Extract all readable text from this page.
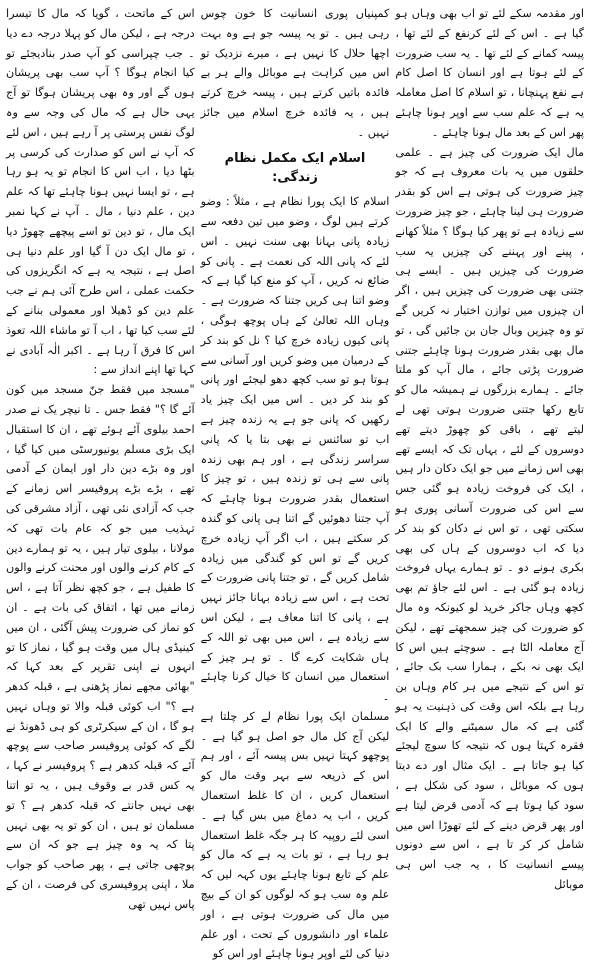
اور مقدمہ سکے لئے تو اب بھی وہاں ہو گیا ہے ۔ اس کے لئے کرنفع کے لئے تھا ، پیسہ کمانے کے لئے تھا ۔ یہ سب ضرورت کے لئے ہوتا ہے اور انسان کا اصل کام ہے نفع پہنچانا ، تو اسلام کا اصل معاملہ یہ ہے کہ علم سب سے اوپر ہونا چاہئے پھر اس کے بعد مال ہونا چاہئے ۔

مال ایک ضرورت کی چیز ہے ۔ علمی حلقوں میں یہ بات معروف ہے کہ جو چیز ضرورت کی ہوتی ہے اس کو بقدر ضرورت ہی لینا چاہئے ، جو چیز ضرورت سے زیادہ ہے تو پھر کیا ہوگا ؟ مثلاً کھانے ، پینے اور پہننے کی چیزیں یہ سب ضرورت کی چیزیں ہیں ۔ ایسے ہی جتنی بھی ضرورت کی چیزیں ہیں ، اگر ان چیزوں میں توازن اختیار نہ کریں گے تو وہ چیزیں وبال جان بن جائیں گی ، تو مال بھی بقدر ضرورت ہونا چاہئے جتنی ضرورت پڑتی جائے ، مال آپ کو ملتا جائے ۔ ہمارے بزرگوں نے ہمیشہ مال کو تابع رکھا جتنی ضرورت ہوتی تھی لے لیتے تھے ، باقی کو چھوڑ دیتے تھے دوسروں کے لئے ، یہاں تک کہ ایسے تھے بھی اس زمانے میں جو ایک دکان دار ہیں ، ایک کی فروخت زیادہ ہو گئی جس سے اس کی ضرورت آسانی پوری ہو سکتی تھی ، تو اس نے دکان کو بند کر دیا کہ اب دوسروں کے ہاں کی بھی بکری ہونے دو ۔ تو ہمارے یہاں فروخت زیادہ ہو گئی ہے ۔ اس لئے جاؤ تم بھی کچھ وہاں جاکر خرید لو کیونکہ وہ مال کو ضرورت کی چیز سمجھتے تھے ، لیکن آج معاملہ الٹا ہے ۔ سوچتے ہیں اس کا ایک بھی نہ بکے ، ہمارا سب بک جائے ، تو اس کے نتیجے میں ہر کام وہاں بن رہا ہے بلکہ اس وقت کی ذہنیت یہ ہو گئی ہے کہ مال سمیٹنے والے کا ایک فقرہ کہتا ہوں کہ نتیجہ کا سوچ لیجئے کیا ہو جاتا ہے ۔ ایک مثال اور دے دیتا ہوں کہ موبائل ، سود کی شکل ہے ، سود کیا ہوتا ہے کہ آدمی قرض لیتا ہے اور پھر قرض دینے کے لئے تھوڑا اس میں شامل کر کر تا ہے ، اس سے دونوں پیسے انسانیت کا ، یہ جب اس ہی موبائل

کمپنیاں پوری انسانیت کا خون چوس رہی ہیں ۔ تو یہ پیسہ جو ہے وہ بہت اچھا حلال کا نہیں ہے ، میرے نزدیک تو اس میں کراہت ہے موبائل والے ہر بے فائدہ باتیں کرتے ہیں ، پیسہ خرچ کرتے ہیں ، یہ فائدہ خرچ اسلام میں جائز نہیں ۔

اسلام ایک مکمل نظام زندگی:

اسلام کا ایک پورا نظام ہے ، مثلاً : وضو کرتے ہیں لوگ ، وضو میں تین دفعہ سے زیادہ پانی بہانا بھی سنت نہیں ۔ اس لئے کہ پانی اللہ کی نعمت ہے ۔ پانی کو ضائع نہ کریں ، آپ کو منع کیا گیا ہے کہ وضو اتنا ہی کریں جتنا کہ ضرورت ہے ۔ وہاں اللہ تعالیٰ کے ہاں پوچھ ہوگی ، پانی کیوں زیادہ خرچ کیا ؟ نل کو بند کر کے درمیان میں وضو کریں اور آسانی سے ہوتا ہو تو سب کچھ دھو لیجئے اور پانی کو بند کر دیں ۔ اس میں ایک چیز یاد رکھیں کہ پانی جو ہے یہ زندہ چیز ہے اب تو سائنس نے بھی بتا یا کہ پانی سراسر زندگی ہے ، اور ہم بھی زندہ پانی سے ہی تو زندہ ہیں ، تو چیز کا استعمال بقدر ضرورت ہونا چاہئے کہ آپ جتنا دھوئیں گے اتنا ہی پانی کو گندہ کر سکتے ہیں ، اب اگر آپ زیادہ خرچ کریں گے تو اس کو گندگی میں زیادہ شامل کریں گے ، تو جتنا پانی ضرورت کے تحت ہے ، اس سے زیادہ بہانا جائز نہیں ہے ، پانی کا اتنا معاف ہے ، لیکن اس سے زیادہ ہے ، اس میں بھی تو اللہ کے ہاں شکایت کرے گا ۔ تو ہر چیز کے استعمال میں انسان کا خیال کرنا چاہئے ۔

مسلمان ایک پورا نظام لے کر چلتا ہے لیکن آج کل مال جو اصل ہو گیا ہے ۔ پوچھو کہتا نہیں بس پیسہ آئے ، اور ہم اس کے ذریعہ سے بہر وقت مال کو استعمال کریں ، ان کا غلط استعمال کریں ، اب یہ دماغ میں بس گیا ہے ۔ اسی لئے روپیہ کا ہر جگہ غلط استعمال ہو رہا ہے ، تو بات یہ ہے کہ مال کو علم کے تابع ہونا چاہئے یوں کہہ لیں کہ علم وہ سب ہو کہ لوگوں کو ان کے بیچ میں مال کی ضرورت ہوتی ہے ، اور علماء اور دانشوروں کے تحت ، اور علم دنیا کی لئے اوپر ہونا چاہئے اور اس کو

اس کے ماتحت ، گویا کہ مال کا تیسرا درجہ ہے ، لیکن مال کو پہلا درجہ دے دیا ۔ جب چپراسی کو آپ صدر بنادیجئے تو کیا انجام ہوگا ؟ آپ سب بھی پریشان ہوں گے اور وہ بھی پریشان ہوگا تو آج یہی حال ہے کہ مال کی وجہ سے وہ لوگ نفس پرستی پر آ رہے ہیں ، اس لئے کہ آپ نے اس کو صدارت کی کرسی پر بٹھا دیا ، اب اس کا انجام تو یہ ہو رہا ہے ، تو ایسا نہیں ہونا چاہئے تھا کہ علم دین ، علم دنیا ، مال ۔ آپ نے کہا نمبر ایک مال ، تو دین تو اسے پیچھے چھوڑ دیا ، تو مال ایک دن آ گیا اور علم دنیا ہی اصل ہے ، نتیجہ یہ ہے کہ انگریزوں کی حکمت عملی ، اس طرح آئی ہم نے جب علم دین کو ڈھیلا اور معمولی بنانے کے لئے سب کیا تھا ، اب آ تو ماشاء اللہ تعوذ اس کا فرق آ رہا ہے ۔ اکبر الٰہ آبادی نے کہا تھا اپنے انداز سے :

"مسجد میں فقط جنّ مسجد میں کون آئے گا ؟" فقط جس ۔ تا نیچر یک نے صدر احمد بیلوی آئے ہوئے تھے ، ان کا استقبال ایک بڑی مسلم یونیورسٹی میں کیا گیا ، اور وہ بڑے دین دار اور ایمان کے آدمی تھے ، بڑے بڑے پروفیسر اس زمانے کے جب کہ آزادی نئی تھی ، آزاد مشرقی کی تہذیب میں جو کہ عام بات تھی کہ مولانا ، بیلوی تیار ہیں ، یہ تو ہمارے دین کے کام کرنے والوں اور محنت کرنے والوں کا طفیل ہے ، جو کچھ نظر آتا ہے ، اس زمانے میں تھا ، اتفاق کی بات ہے ۔ ان کو نماز کی ضرورت پیش آگئی ، ان میں کینیڈی ہال میں وقت ہو گیا ، نماز کا تو انہوں نے اپنی تقریر کے بعد کہا کہ "بھائی مجھے نماز پڑھنی ہے ، قبلہ کدھر ہے ؟" اب کوئی قبلہ والا تو وہاں نہیں ہو گا ، ان کے سیکرٹری کو ہی ڈھونڈ نے لگے کہ کوئی پروفیسر صاحب سے پوچھ آئے کہ قبلہ کدھر ہے ؟ پروفیسر نے کہا ، یہ کس قدر بے وقوف ہیں ، یہ تو اتنا بھی نہیں جانتے کہ قبلہ کدھر ہے ؟ تو مسلمان تو ہیں ، ان کو تو یہ بھی نہیں پتا کہ یہ وہ چیز ہے جو کہ ان سے پوچھی جاتی ہے ، پھر صاحب کو جواب ملا ، اپنی پروفیسری کی فرصت ، ان کے پاس نہیں تھی
